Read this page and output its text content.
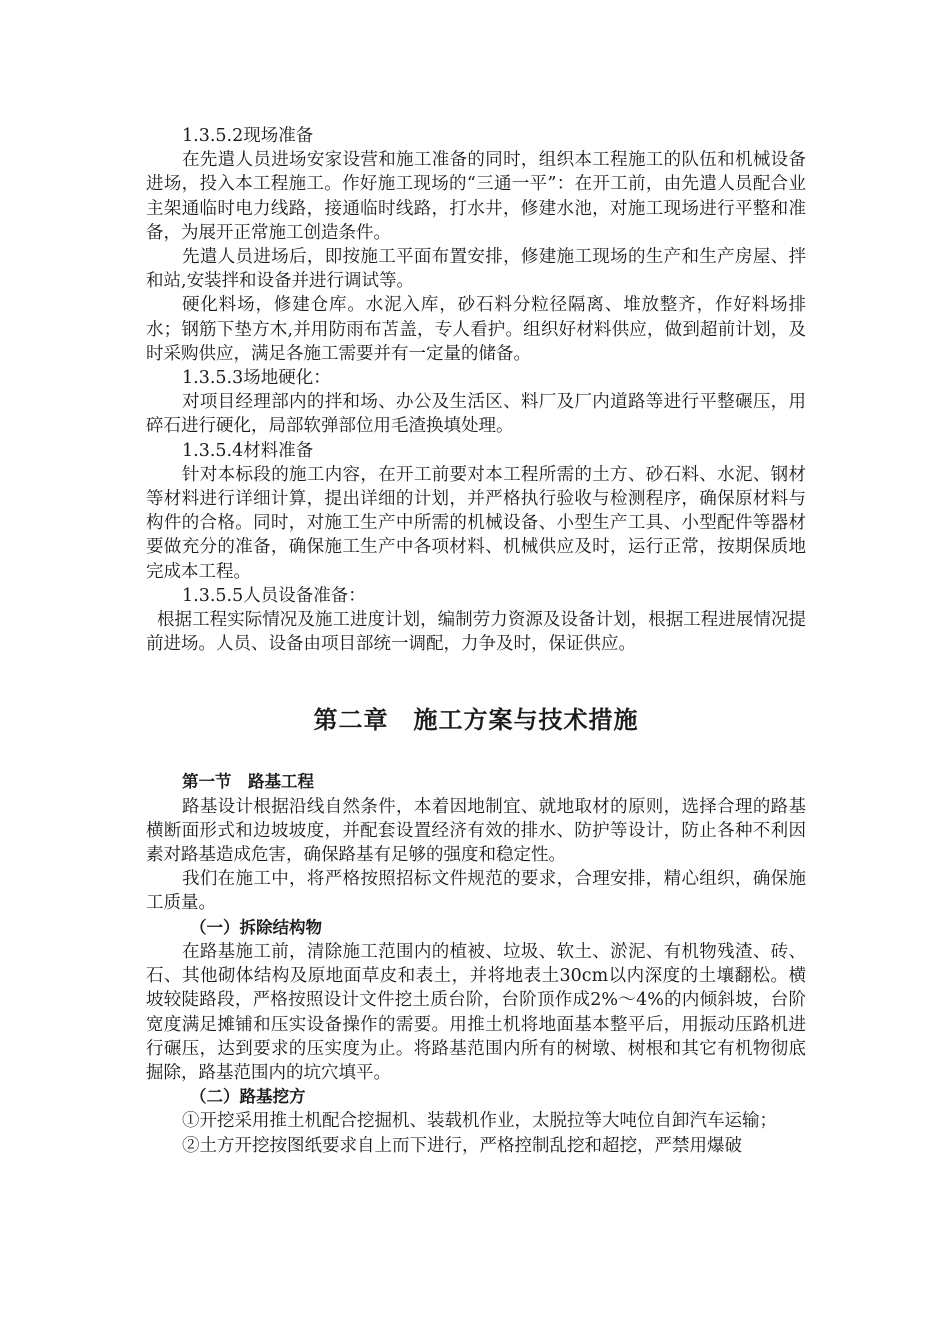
1.3.5.2现场准备

在先遣人员进场安家设营和施工准备的同时，组织本工程施工的队伍和机械设备进场，投入本工程施工。作好施工现场的“三通一平”：在开工前，由先遣人员配合业主架通临时电力线路，接通临时线路，打水井，修建水池，对施工现场进行平整和准备，为展开正常施工创造条件。

先遣人员进场后，即按施工平面布置安排，修建施工现场的生产和生产房屋、拌和站,安装拌和设备并进行调试等。

硬化料场，修建仓库。水泥入库，砂石料分粒径隔离、堆放整齐，作好料场排水；钢筋下垫方木,并用防雨布苫盖，专人看护。组织好材料供应，做到超前计划，及时采购供应，满足各施工需要并有一定量的储备。

1.3.5.3场地硬化：

对项目经理部内的拌和场、办公及生活区、料厂及厂内道路等进行平整碾压，用碎石进行硬化，局部软弹部位用毛渣换填处理。

1.3.5.4材料准备

针对本标段的施工内容，在开工前要对本工程所需的土方、砂石料、水泥、钢材等材料进行详细计算，提出详细的计划，并严格执行验收与检测程序，确保原材料与构件的合格。同时，对施工生产中所需的机械设备、小型生产工具、小型配件等器材要做充分的准备，确保施工生产中各项材料、机械供应及时，运行正常，按期保质地完成本工程。

1.3.5.5人员设备准备：

根据工程实际情况及施工进度计划，编制劳力资源及设备计划，根据工程进展情况提前进场。人员、设备由项目部统一调配，力争及时，保证供应。

第二章　施工方案与技术措施

第一节　路基工程

路基设计根据沿线自然条件，本着因地制宜、就地取材的原则，选择合理的路基横断面形式和边坡坡度，并配套设置经济有效的排水、防护等设计，防止各种不利因素对路基造成危害，确保路基有足够的强度和稳定性。

我们在施工中，将严格按照招标文件规范的要求，合理安排，精心组织，确保施工质量。

（一）拆除结构物

在路基施工前，清除施工范围内的植被、垃圾、软土、淤泥、有机物残渣、砖、石、其他砌体结构及原地面草皮和表土，并将地表土30cm以内深度的土壤翻松。横坡较陡路段，严格按照设计文件挖土质台阶，台阶顶作成2%～4%的内倾斜坡，台阶宽度满足摊铺和压实设备操作的需要。用推土机将地面基本整平后，用振动压路机进行碾压，达到要求的压实度为止。将路基范围内所有的树墩、树根和其它有机物彻底掘除，路基范围内的坑穴填平。

（二）路基挖方

①开挖采用推土机配合挖掘机、装载机作业，太脱拉等大吨位自卸汽车运输；

②土方开挖按图纸要求自上而下进行，严格控制乱挖和超挖，严禁用爆破
